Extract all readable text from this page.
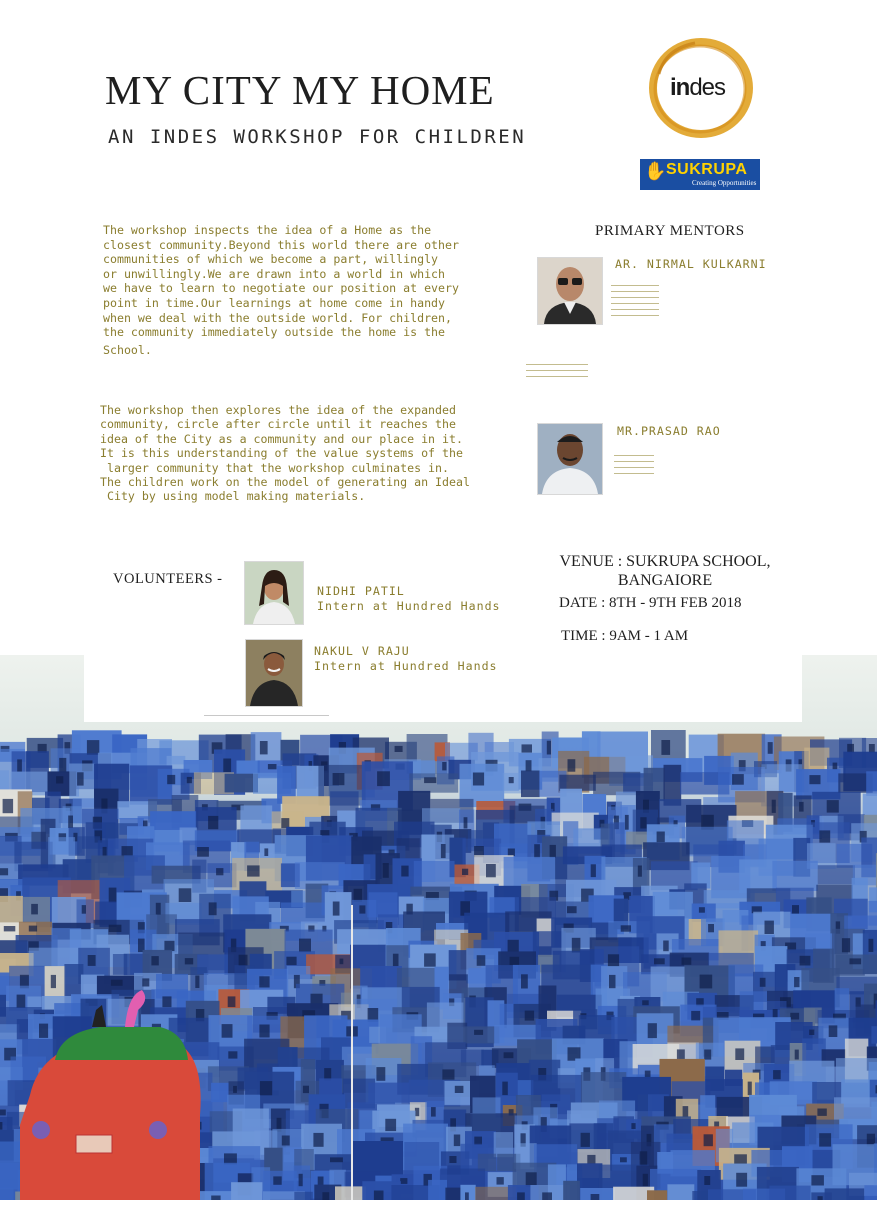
MY CITY MY HOME
AN INDES WORKSHOP FOR CHILDREN
indes
✋ SUKRUPA
Creating Opportunities
The workshop inspects the idea of a Home as the
closest community.Beyond this world there are other
communities of which we become a part, willingly
or unwillingly.We are drawn into a world in which
we have to learn to negotiate our position at every
point in time.Our learnings at home come in handy
when we deal with the outside world. For children,
the community immediately outside the home is the
School.
The workshop then explores the idea of the expanded
community, circle after circle until it reaches the
idea of the City as a community and our place in it.
It is this understanding of the value systems of the
larger community that the workshop culminates in.
The children work on the model of generating an Ideal
City by using model making materials.
PRIMARY MENTORS
AR. NIRMAL KULKARNI
MR.PRASAD RAO
VOLUNTEERS -
NIDHI PATIL
Intern at Hundred Hands
NAKUL V RAJU
Intern at Hundred Hands
VENUE : SUKRUPA SCHOOL,
BANGAIORE
DATE : 8TH - 9TH FEB 2018
TIME : 9AM - 1 AM
